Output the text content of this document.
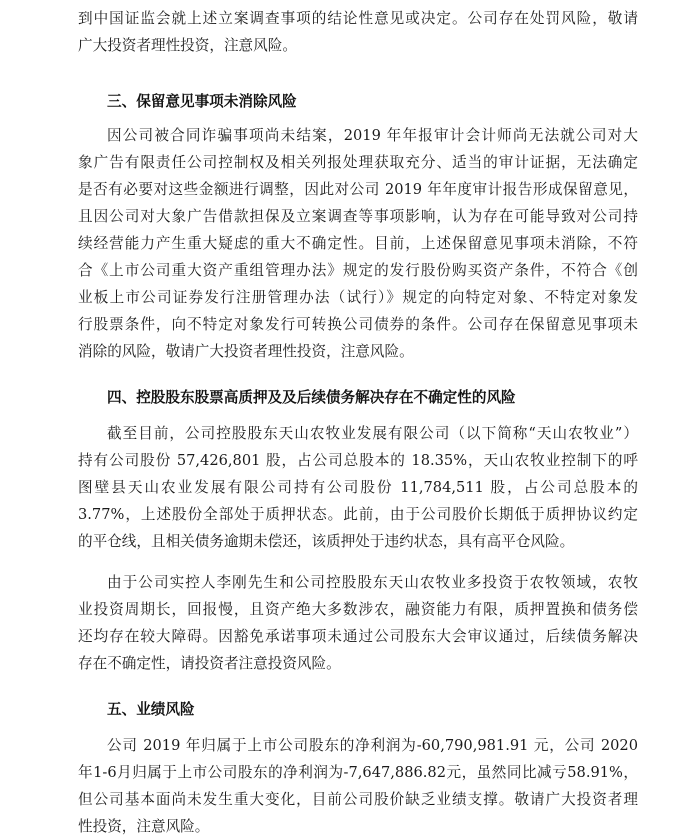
到中国证监会就上述立案调查事项的结论性意见或决定。公司存在处罚风险，敬请

广大投资者理性投资，注意风险。

三、保留意见事项未消除风险

因公司被合同诈骗事项尚未结案，2019 年年报审计会计师尚无法就公司对大

象广告有限责任公司控制权及相关列报处理获取充分、适当的审计证据，无法确定

是否有必要对这些金额进行调整，因此对公司 2019 年年度审计报告形成保留意见，

且因公司对大象广告借款担保及立案调查等事项影响，认为存在可能导致对公司持

续经营能力产生重大疑虑的重大不确定性。目前，上述保留意见事项未消除，不符

合《上市公司重大资产重组管理办法》规定的发行股份购买资产条件，不符合《创

业板上市公司证券发行注册管理办法（试行）》规定的向特定对象、不特定对象发

行股票条件，向不特定对象发行可转换公司债券的条件。公司存在保留意见事项未

消除的风险，敬请广大投资者理性投资，注意风险。

四、控股股东股票高质押及及后续债务解决存在不确定性的风险

截至目前，公司控股股东天山农牧业发展有限公司（以下简称“天山农牧业”）

持有公司股份 57,426,801 股，占公司总股本的 18.35%，天山农牧业控制下的呼

图壁县天山农业发展有限公司持有公司股份 11,784,511 股，占公司总股本的

3.77%，上述股份全部处于质押状态。此前，由于公司股价长期低于质押协议约定

的平仓线，且相关债务逾期未偿还，该质押处于违约状态，具有高平仓风险。

由于公司实控人李刚先生和公司控股股东天山农牧业多投资于农牧领域，农牧

业投资周期长，回报慢，且资产绝大多数涉农，融资能力有限，质押置换和债务偿

还均存在较大障碍。因豁免承诺事项未通过公司股东大会审议通过，后续债务解决

存在不确定性，请投资者注意投资风险。

五、业绩风险

公司 2019 年归属于上市公司股东的净利润为-60,790,981.91 元，公司 2020

年1-6月归属于上市公司股东的净利润为-7,647,886.82元，虽然同比减亏58.91%，

但公司基本面尚未发生重大变化，目前公司股价缺乏业绩支撑。敬请广大投资者理

性投资，注意风险。
